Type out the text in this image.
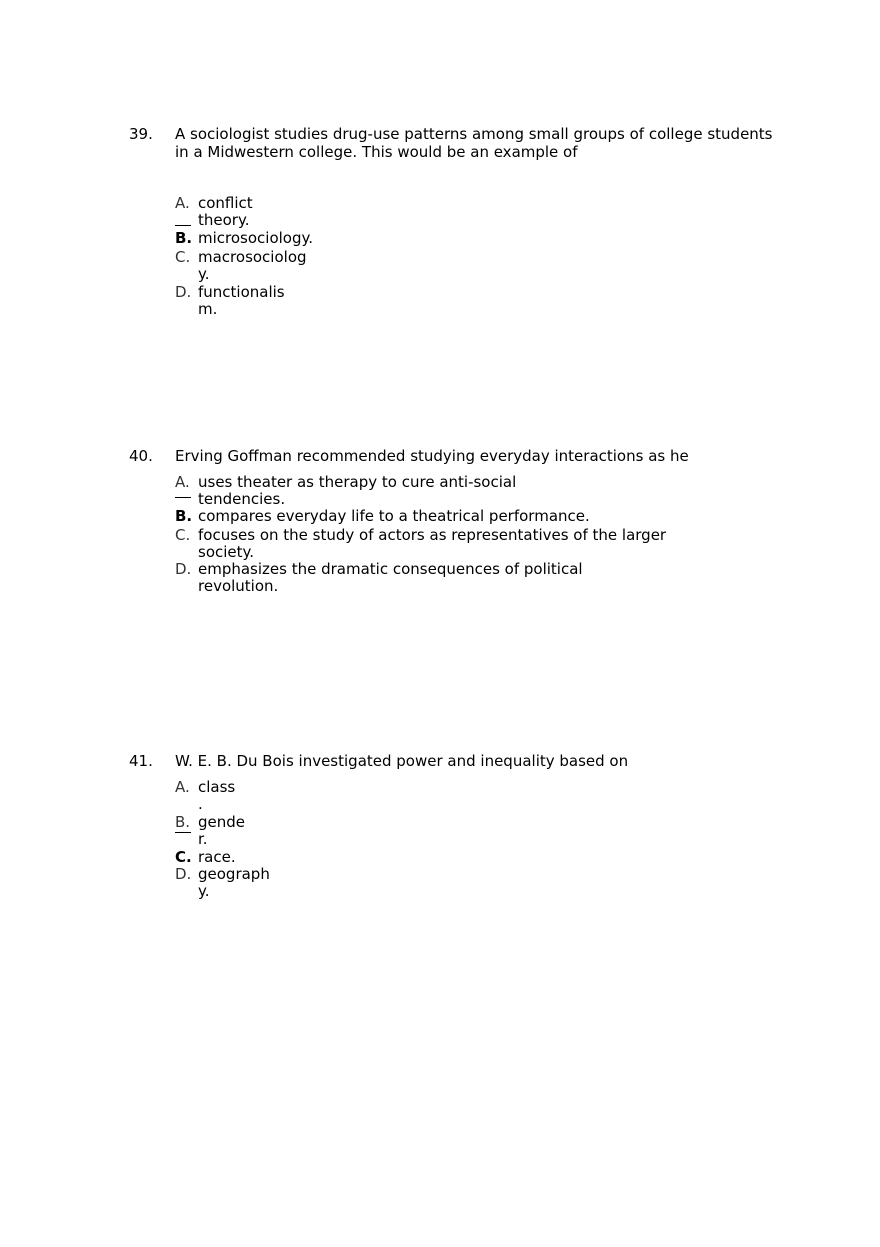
39. A sociologist studies drug-use patterns among small groups of college students in a Midwestern college. This would be an example of
A. conflict
theory.
B. microsociology.
C. macrosociolog
y.
D. functionalis
m.
40. Erving Goffman recommended studying everyday interactions as he
A. uses theater as therapy to cure anti-social
tendencies.
B. compares everyday life to a theatrical performance.
C. focuses on the study of actors as representatives of the larger
society.
D. emphasizes the dramatic consequences of political
revolution.
41. W. E. B. Du Bois investigated power and inequality based on
A. class
.
B. gende
r.
C. race.
D. geograph
y.
